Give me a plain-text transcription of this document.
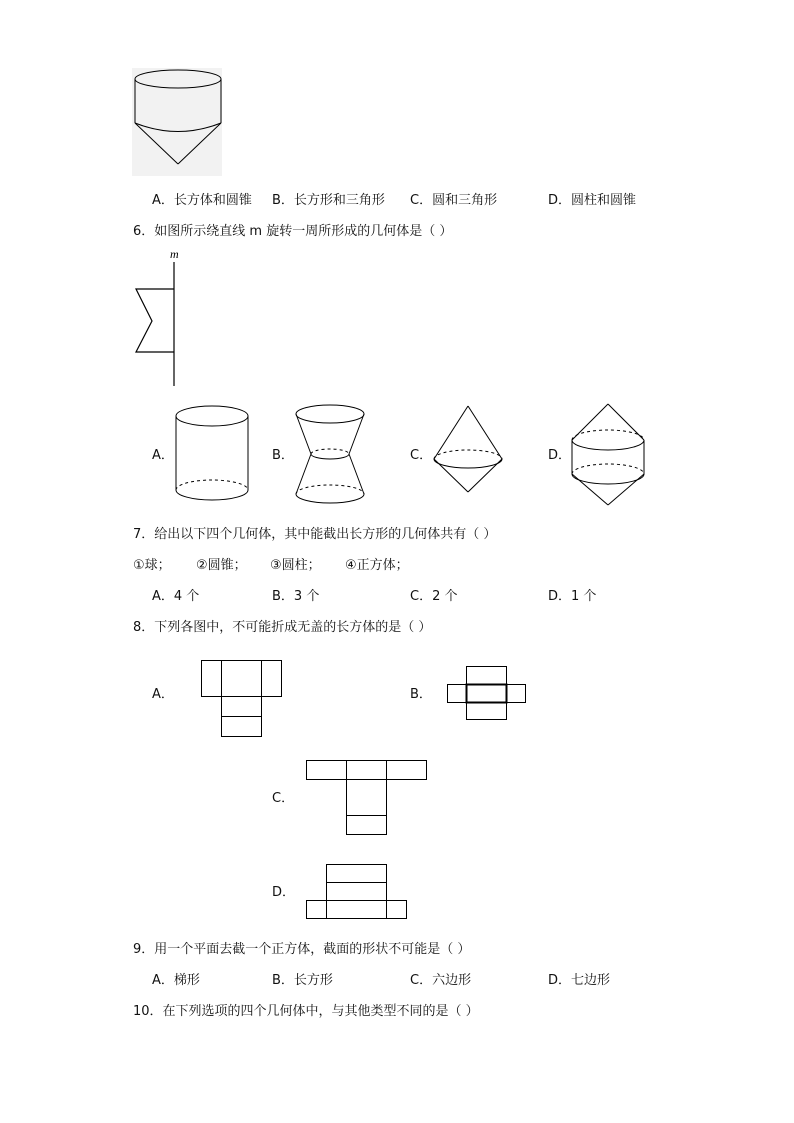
A．长方体和圆锥 B．长方形和三角形 C．圆和三角形	D．圆柱和圆锥
6．如图所示绕直线 m 旋转一周所形成的几何体是（ ）
m
A．	B．	C．	D．
7．给出以下四个几何体，其中能截出长方形的几何体共有（ ）
①球； ②圆锥； ③圆柱； ④正方体；
A．4 个	B．3 个	C．2 个	D．1 个
8．下列各图中，不可能折成无盖的长方体的是（ ）
A．	B．
C．
D．
9．用一个平面去截一个正方体，截面的形状不可能是（ ）
A．梯形	B．长方形	C．六边形	D．七边形
10．在下列选项的四个几何体中，与其他类型不同的是（ ）
